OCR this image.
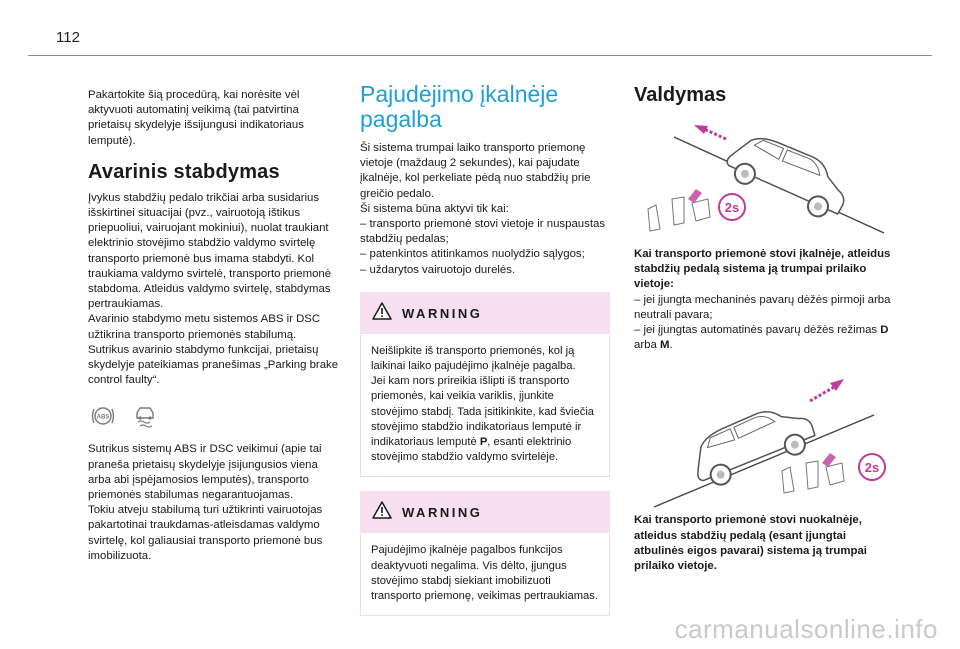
112

Pakartokite šią procedūrą, kai norėsite vėl aktyvuoti automatinį veikimą (tai patvirtina prietaisų skydelyje išsijungusi indikatoriaus lemputė).

Avarinis stabdymas

Įvykus stabdžių pedalo trikčiai arba susidarius išskirtinei situacijai (pvz., vairuotoją ištikus priepuoliui, vairuojant mokiniui), nuolat traukiant elektrinio stovėjimo stabdžio valdymo svirtelę transporto priemonė bus imama stabdyti. Kol traukiama valdymo svirtelė, transporto priemonė stabdoma. Atleidus valdymo svirtelę, stabdymas pertraukiamas.

Avarinio stabdymo metu sistemos ABS ir DSC užtikrina transporto priemonės stabilumą.

Sutrikus avarinio stabdymo funkcijai, prietaisų skydelyje pateikiamas pranešimas „Parking brake control faulty“.

ABS

Sutrikus sistemų ABS ir DSC veikimui (apie tai praneša prietaisų skydelyje įsijungusios viena arba abi įspėjamosios lemputės), transporto priemonės stabilumas negarantuojamas.

Tokiu atveju stabilumą turi užtikrinti vairuotojas pakartotinai traukdamas-atleisdamas valdymo svirtelę, kol galiausiai transporto priemonė bus imobilizuota.

Pajudėjimo įkalnėje pagalba

Ši sistema trumpai laiko transporto priemonę vietoje (maždaug 2 sekundes), kai pajudate įkalnėje, kol perkeliate pėdą nuo stabdžių prie greičio pedalo.

Ši sistema būna aktyvi tik kai:

– transporto priemonė stovi vietoje ir nuspaustas stabdžių pedalas;

– patenkintos atitinkamos nuolydžio sąlygos;

– uždarytos vairuotojo durelės.

WARNING

Neišlipkite iš transporto priemonės, kol ją laikinai laiko pajudėjimo įkalnėje pagalba.

Jei kam nors prireikia išlipti iš transporto priemonės, kai veikia variklis, įjunkite stovėjimo stabdį. Tada įsitikinkite, kad šviečia stovėjimo stabdžio indikatoriaus lemputė ir indikatoriaus lemputė P, esanti elektrinio stovėjimo stabdžio valdymo svirtelėje.

WARNING

Pajudėjimo įkalnėje pagalbos funkcijos deaktyvuoti negalima. Vis dėlto, įjungus stovėjimo stabdį siekiant imobilizuoti transporto priemonę, veikimas pertraukiamas.

Valdymas
2s

Kai transporto priemonė stovi įkalnėje, atleidus stabdžių pedalą sistema ją trumpai prilaiko vietoje:

– jei įjungta mechaninės pavarų dėžės pirmoji arba neutrali pavara;

– jei įjungtas automatinės pavarų dėžės režimas D arba M.

2s

Kai transporto priemonė stovi nuokalnėje, atleidus stabdžių pedalą (esant įjungtai atbulinės eigos pavarai) sistema ją trumpai prilaiko vietoje.

carmanualsonline.info
